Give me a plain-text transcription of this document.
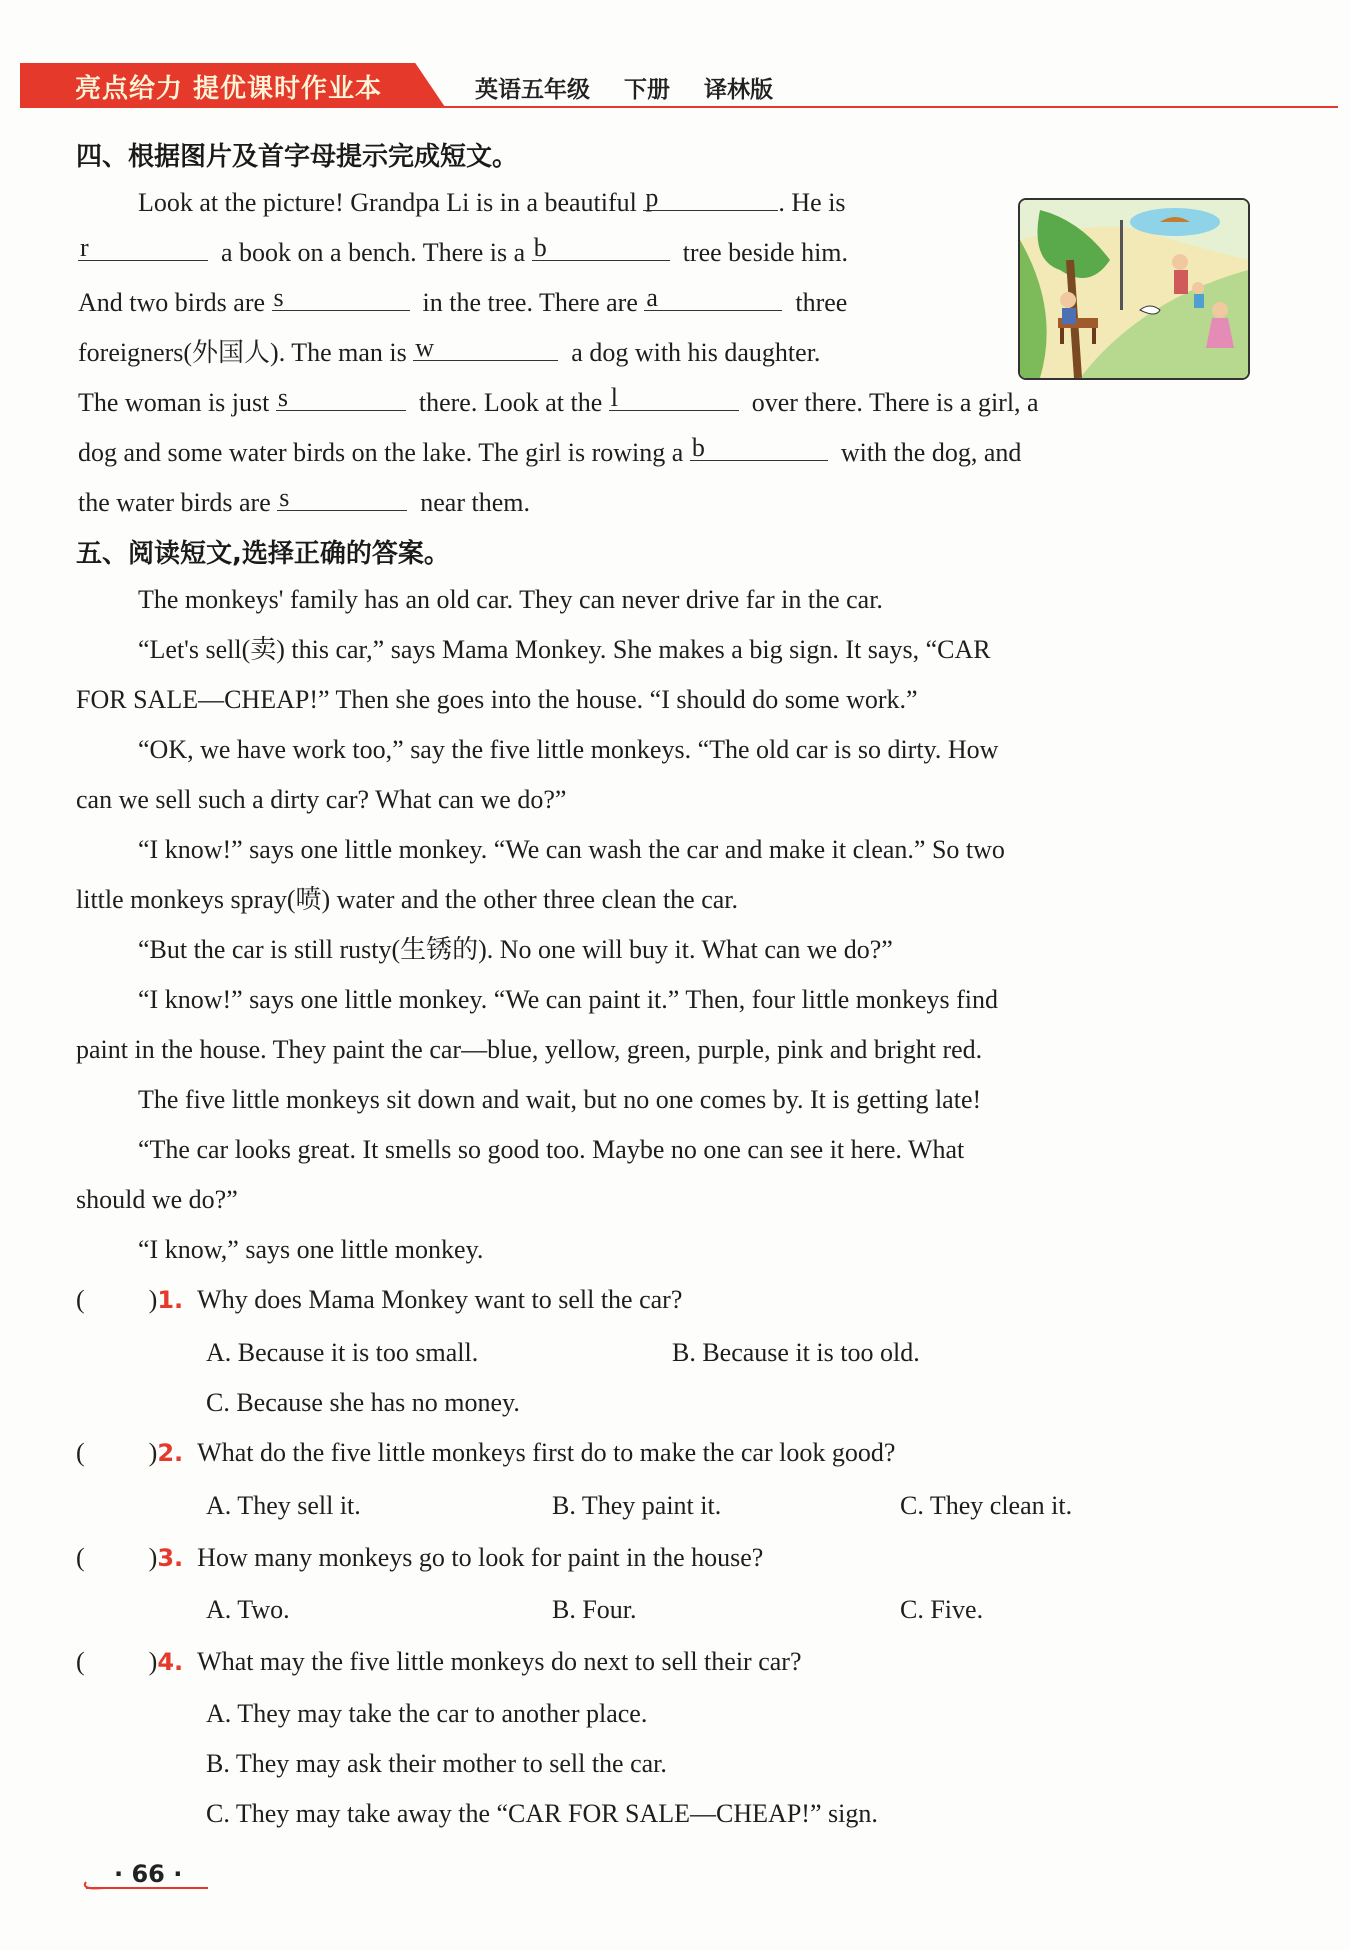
亮点给力 提优课时作业本	英语五年级 下册 译林版
四、根据图片及首字母提示完成短文。
Look at the picture! Grandpa Li is in a beautiful p	. He is
r	a book on a bench. There is a b	tree beside him.
And two birds are s	in the tree. There are a	three
foreigners(外国人). The man is w	a dog with his daughter.
The woman is just s	there. Look at the l	over there. There is a girl, a
dog and some water birds on the lake. The girl is rowing a b	with the dog, and
the water birds are s	near them.
五、阅读短文,选择正确的答案。
The monkeys' family has an old car. They can never drive far in the car.
“Let's sell(卖) this car,” says Mama Monkey. She makes a big sign. It says, “CAR
FOR SALE—CHEAP!” Then she goes into the house. “I should do some work.”
“OK, we have work too,” say the five little monkeys. “The old car is so dirty. How
can we sell such a dirty car? What can we do?”
“I know!” says one little monkey. “We can wash the car and make it clean.” So two
little monkeys spray(喷) water and the other three clean the car.
“But the car is still rusty(生锈的). No one will buy it. What can we do?”
“I know!” says one little monkey. “We can paint it.” Then, four little monkeys find
paint in the house. They paint the car—blue, yellow, green, purple, pink and bright red.
The five little monkeys sit down and wait, but no one comes by. It is getting late!
“The car looks great. It smells so good too. Maybe no one can see it here. What
should we do?”
“I know,” says one little monkey.
( )1. Why does Mama Monkey want to sell the car?
A. Because it is too small.	B. Because it is too old.
C. Because she has no money.
( )2. What do the five little monkeys first do to make the car look good?
A. They sell it.	B. They paint it.	C. They clean it.
( )3. How many monkeys go to look for paint in the house?
A. Two.	B. Four.	C. Five.
( )4. What may the five little monkeys do next to sell their car?
A. They may take the car to another place.
B. They may ask their mother to sell the car.
C. They may take away the “CAR FOR SALE—CHEAP!” sign.
· 66 ·
